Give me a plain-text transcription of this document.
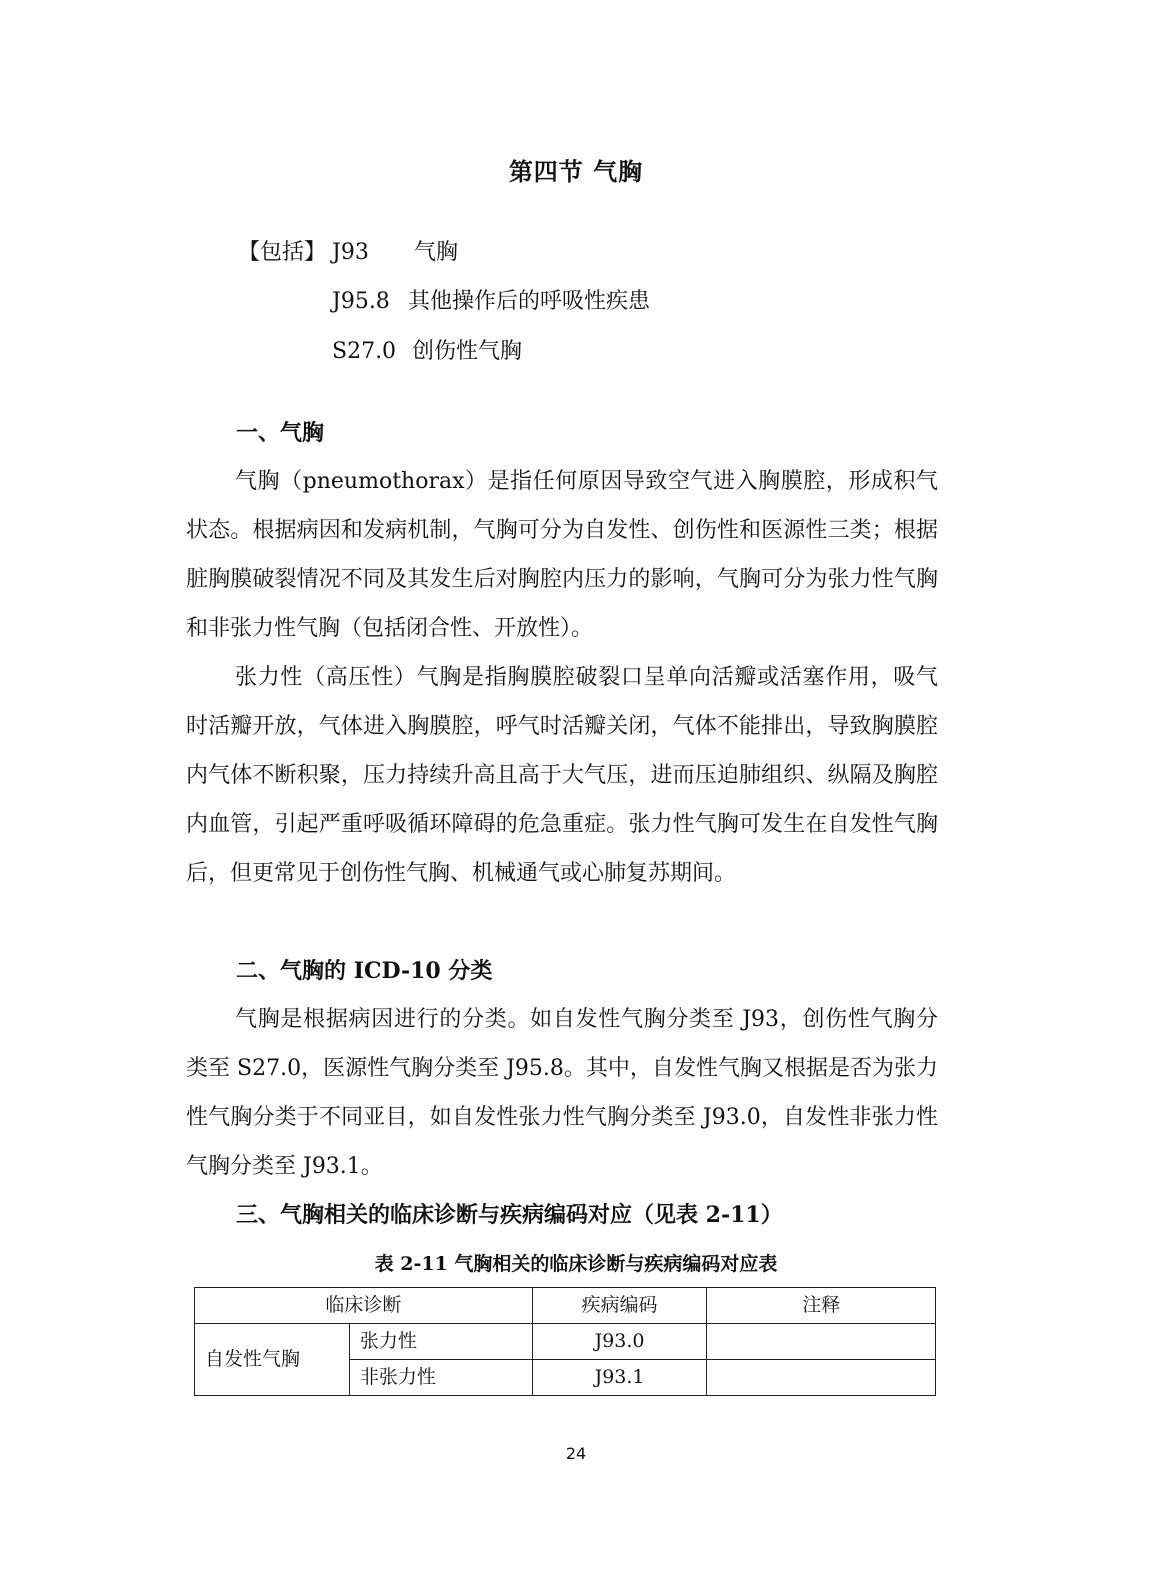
第四节 气胸
【包括】 J93 气胸
J95.8 其他操作后的呼吸性疾患
S27.0 创伤性气胸
一、气胸

气胸（pneumothorax）是指任何原因导致空气进入胸膜腔，形成积气状态。根据病因和发病机制，气胸可分为自发性、创伤性和医源性三类；根据脏胸膜破裂情况不同及其发生后对胸腔内压力的影响，气胸可分为张力性气胸和非张力性气胸（包括闭合性、开放性）。

张力性（高压性）气胸是指胸膜腔破裂口呈单向活瓣或活塞作用，吸气时活瓣开放，气体进入胸膜腔，呼气时活瓣关闭，气体不能排出，导致胸膜腔内气体不断积聚，压力持续升高且高于大气压，进而压迫肺组织、纵隔及胸腔内血管，引起严重呼吸循环障碍的危急重症。张力性气胸可发生在自发性气胸后，但更常见于创伤性气胸、机械通气或心肺复苏期间。

二、气胸的 ICD-10 分类

气胸是根据病因进行的分类。如自发性气胸分类至 J93，创伤性气胸分类至 S27.0，医源性气胸分类至 J95.8。其中，自发性气胸又根据是否为张力性气胸分类于不同亚目，如自发性张力性气胸分类至 J93.0，自发性非张力性气胸分类至 J93.1。

三、气胸相关的临床诊断与疾病编码对应（见表 2-11）
表 2-11 气胸相关的临床诊断与疾病编码对应表
临床诊断		疾病编码	注释
自发性气胸	张力性	J93.0	
	非张力性	J93.1	
24
